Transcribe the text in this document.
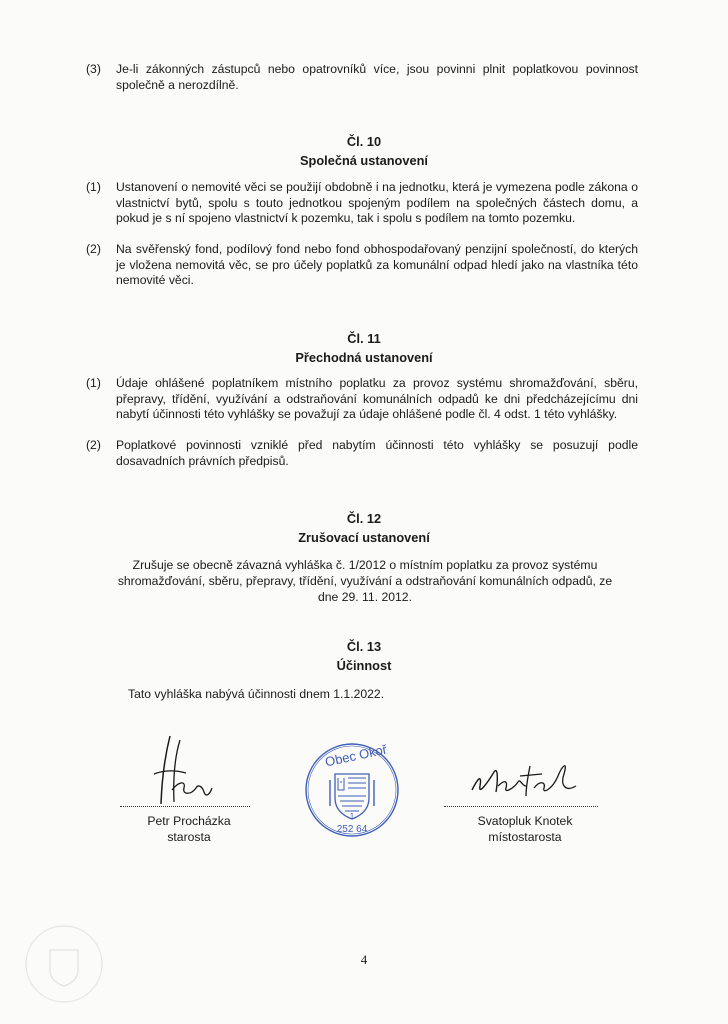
(3) Je-li zákonných zástupců nebo opatrovníků více, jsou povinni plnit poplatkovou povinnost společně a nerozdílně.
Čl. 10
Společná ustanovení
(1) Ustanovení o nemovité věci se použijí obdobně i na jednotku, která je vymezena podle zákona o vlastnictví bytů, spolu s touto jednotkou spojeným podílem na společných částech domu, a pokud je s ní spojeno vlastnictví k pozemku, tak i spolu s podílem na tomto pozemku.
(2) Na svěřenský fond, podílový fond nebo fond obhospodařovaný penzijní společností, do kterých je vložena nemovitá věc, se pro účely poplatků za komunální odpad hledí jako na vlastníka této nemovité věci.
Čl. 11
Přechodná ustanovení
(1) Údaje ohlášené poplatníkem místního poplatku za provoz systému shromažďování, sběru, přepravy, třídění, využívání a odstraňování komunálních odpadů ke dni předcházejícímu dni nabytí účinnosti této vyhlášky se považují za údaje ohlášené podle čl. 4 odst. 1 této vyhlášky.
(2) Poplatkové povinnosti vzniklé před nabytím účinnosti této vyhlášky se posuzují podle dosavadních právních předpisů.
Čl. 12
Zrušovací ustanovení
Zrušuje se obecně závazná vyhláška č. 1/2012 o místním poplatku za provoz systému shromažďování, sběru, přepravy, třídění, využívání a odstraňování komunálních odpadů, ze dne 29. 11. 2012.
Čl. 13
Účinnost
Tato vyhláška nabývá účinnosti dnem 1.1.2022.
Petr Procházka
starosta
Obec Okoř
1
252 64
Svatopluk Knotek
místostarosta
4
